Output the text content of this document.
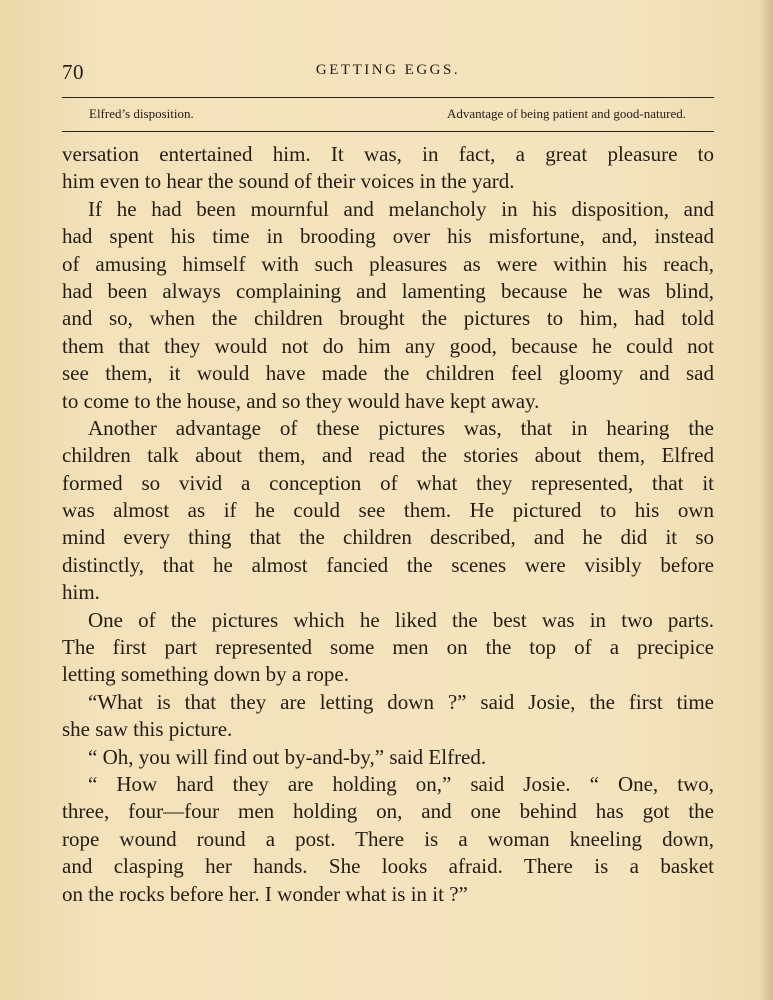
70	GETTING EGGS.
Elfred’s disposition.	Advantage of being patient and good-natured.
versation entertained him. It was, in fact, a great pleasure to
him even to hear the sound of their voices in the yard.
If he had been mournful and melancholy in his disposition, and
had spent his time in brooding over his misfortune, and, instead
of amusing himself with such pleasures as were within his reach,
had been always complaining and lamenting because he was blind,
and so, when the children brought the pictures to him, had told
them that they would not do him any good, because he could not
see them, it would have made the children feel gloomy and sad
to come to the house, and so they would have kept away.
Another advantage of these pictures was, that in hearing the
children talk about them, and read the stories about them, Elfred
formed so vivid a conception of what they represented, that it
was almost as if he could see them. He pictured to his own
mind every thing that the children described, and he did it so
distinctly, that he almost fancied the scenes were visibly before
him.
One of the pictures which he liked the best was in two parts.
The first part represented some men on the top of a precipice
letting something down by a rope.
“What is that they are letting down ?” said Josie, the first time
she saw this picture.
“ Oh, you will find out by-and-by,” said Elfred.
“ How hard they are holding on,” said Josie. “ One, two,
three, four—four men holding on, and one behind has got the
rope wound round a post. There is a woman kneeling down,
and clasping her hands. She looks afraid. There is a basket
on the rocks before her. I wonder what is in it ?”
